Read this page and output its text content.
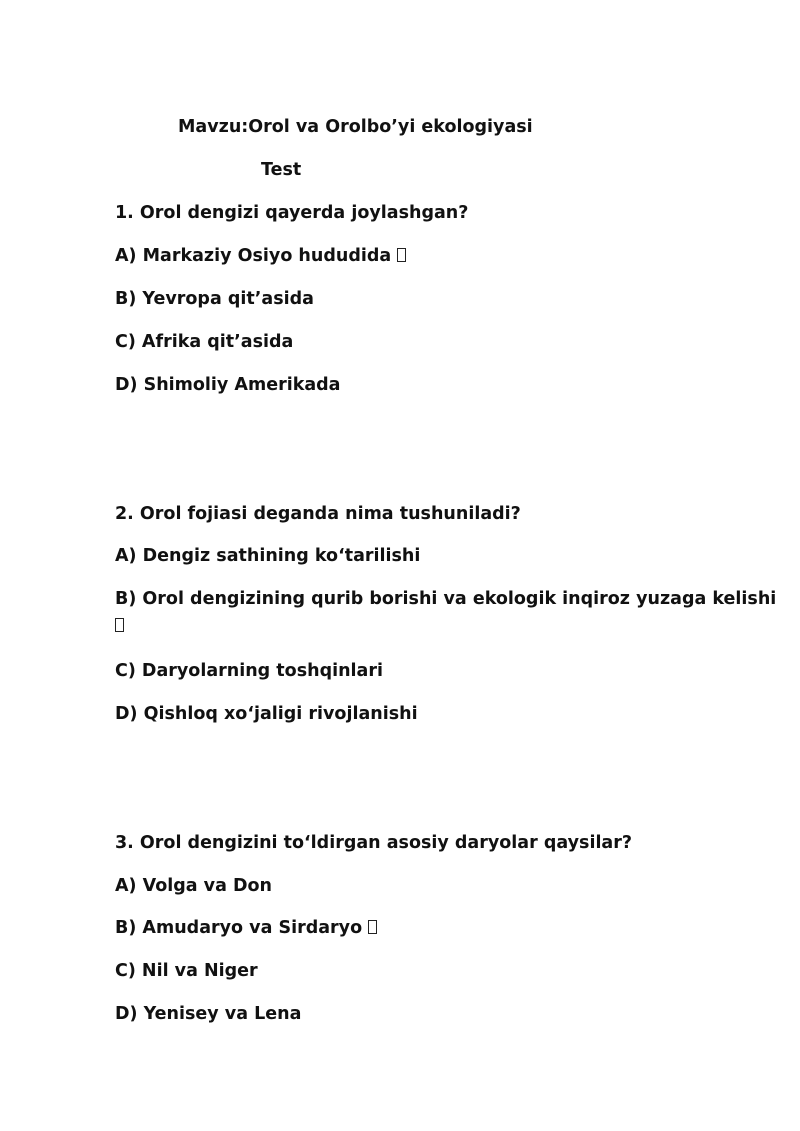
Mavzu:Orol va Orolbo’yi ekologiyasi
Test
1. Orol dengizi qayerda joylashgan?
A) Markaziy Osiyo hududida
B) Yevropa qit’asida
C) Afrika qit’asida
D) Shimoliy Amerikada
2. Orol fojiasi deganda nima tushuniladi?
A) Dengiz sathining ko‘tarilishi
B) Orol dengizining qurib borishi va ekologik inqiroz yuzaga kelishi
C) Daryolarning toshqinlari
D) Qishloq xo‘jaligi rivojlanishi
3. Orol dengizini to‘ldirgan asosiy daryolar qaysilar?
A) Volga va Don
B) Amudaryo va Sirdaryo
C) Nil va Niger
D) Yenisey va Lena
